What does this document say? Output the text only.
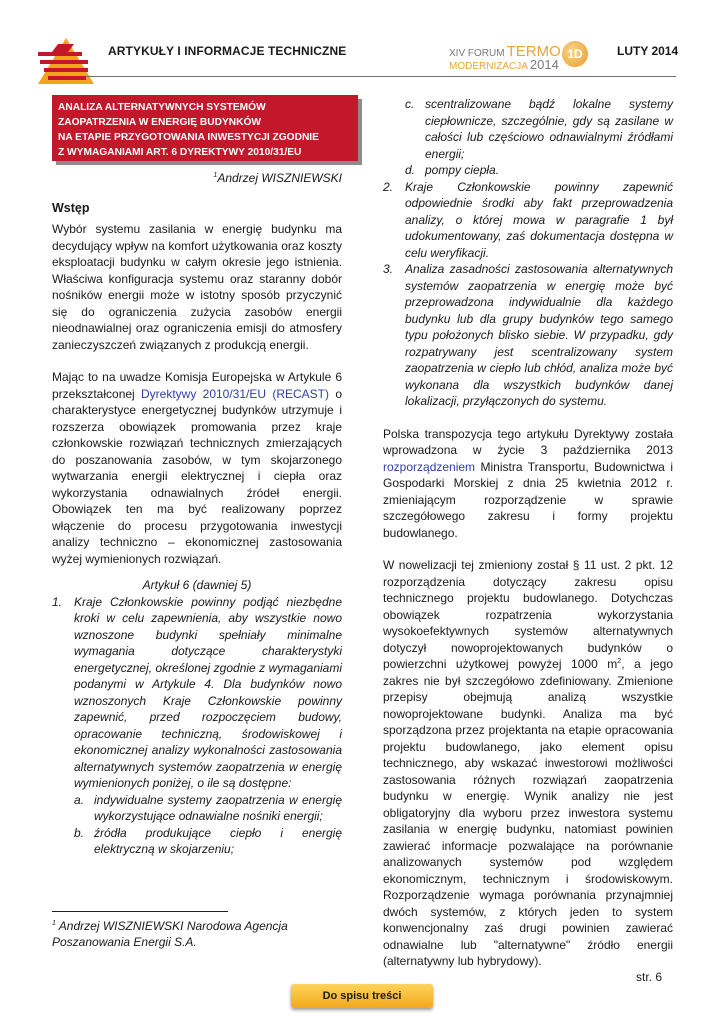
ARTYKUŁY I INFORMACJE TECHNICZNE	XIV FORUM TERMO
MODERNIZACJA 2014
1D	LUTY 2014

ANALIZA ALTERNATYWNYCH SYSTEMÓW

ZAOPATRZENIA W ENERGIĘ BUDYNKÓW

NA ETAPIE PRZYGOTOWANIA INWESTYCJI ZGODNIE

Z WYMAGANIAMI ART. 6 DYREKTYWY 2010/31/EU

$^1$Andrzej WISZNIEWSKI
Wstęp

Wybór systemu zasilania w energię budynku ma decydujący wpływ na komfort użytkowania oraz koszty eksploatacji budynku w całym okresie jego istnienia. Właściwa konfiguracja systemu oraz staranny dobór nośników energii może w istotny sposób przyczynić się do ograniczenia zużycia zasobów energii nieodnawialnej oraz ograniczenia emisji do atmosfery zanieczyszczeń związanych z produkcją energii.

Mając to na uwadze Komisja Europejska w Artykule 6 przekształconej Dyrektywy 2010/31/EU (RECAST) o charakterystyce energetycznej budynków utrzymuje i rozszerza obowiązek promowania przez kraje członkowskie rozwiązań technicznych zmierzających do poszanowania zasobów, w tym skojarzonego wytwarzania energii elektrycznej i ciepła oraz wykorzystania odnawialnych źródeł energii. Obowiązek ten ma być realizowany poprzez włączenie do procesu przygotowania inwestycji analizy techniczno – ekonomicznej zastosowania wyżej wymienionych rozwiązań.

Artykuł 6 (dawniej 5)

1. Kraje Członkowskie powinny podjąć niezbędne kroki w celu zapewnienia, aby wszystkie nowo wznoszone budynki spełniały minimalne wymagania dotyczące charakterystyki energetycznej, określonej zgodnie z wymaganiami podanymi w Artykule 4. Dla budynków nowo wznoszonych Kraje Członkowskie powinny zapewnić, przed rozpoczęciem budowy, opracowanie techniczną, środowiskowej i ekonomicznej analizy wykonalności zastosowania alternatywnych systemów zaopatrzenia w energię wymienionych poniżej, o ile są dostępne:
a. indywidualne systemy zaopatrzenia w energię wykorzystujące odnawialne nośniki energii;
b. źródła produkujące ciepło i energię elektryczną w skojarzeniu;
$^1$ Andrzej WISZNIEWSKI Narodowa Agencja Poszanowania Energii S.A.
c. scentralizowane bądź lokalne systemy ciepłownicze, szczególnie, gdy są zasilane w całości lub częściowo odnawialnymi źródłami energii;
d. pompy ciepła.
2. Kraje Członkowskie powinny zapewnić odpowiednie środki aby fakt przeprowadzenia analizy, o której mowa w paragrafie 1 był udokumentowany, zaś dokumentacja dostępna w celu weryfikacji.
3. Analiza zasadności zastosowania alternatywnych systemów zaopatrzenia w energię może być przeprowadzona indywidualnie dla każdego budynku lub dla grupy budynków tego samego typu położonych blisko siebie. W przypadku, gdy rozpatrywany jest scentralizowany system zaopatrzenia w ciepło lub chłód, analiza może być wykonana dla wszystkich budynków danej lokalizacji, przyłączonych do systemu.

Polska transpozycja tego artykułu Dyrektywy została wprowadzona w życie 3 października 2013 rozporządzeniem Ministra Transportu, Budownictwa i Gospodarki Morskiej z dnia 25 kwietnia 2012 r. zmieniającym rozporządzenie w sprawie szczegółowego zakresu i formy projektu budowlanego.

W nowelizacji tej zmieniony został § 11 ust. 2 pkt. 12 rozporządzenia dotyczący zakresu opisu technicznego projektu budowlanego. Dotychczas obowiązek rozpatrzenia wykorzystania wysokoefektywnych systemów alternatywnych dotyczył nowoprojektowanych budynków o powierzchni użytkowej powyżej 1000 $m^2$, a jego zakres nie był szczegółowo zdefiniowany. Zmienione przepisy obejmują analizą wszystkie nowoprojektowane budynki. Analiza ma być sporządzona przez projektanta na etapie opracowania projektu budowlanego, jako element opisu technicznego, aby wskazać inwestorowi możliwości zastosowania różnych rozwiązań zaopatrzenia budynku w energię. Wynik analizy nie jest obligatoryjny dla wyboru przez inwestora systemu zasilania w energię budynku, natomiast powinien zawierać informacje pozwalające na porównanie analizowanych systemów pod względem ekonomicznym, technicznym i środowiskowym. Rozporządzenie wymaga porównania przynajmniej dwóch systemów, z których jeden to system konwencjonalny zaś drugi powinien zawierać odnawialne lub "alternatywne" źródło energii (alternatywny lub hybrydowy).

str. 6
Do spisu treści
